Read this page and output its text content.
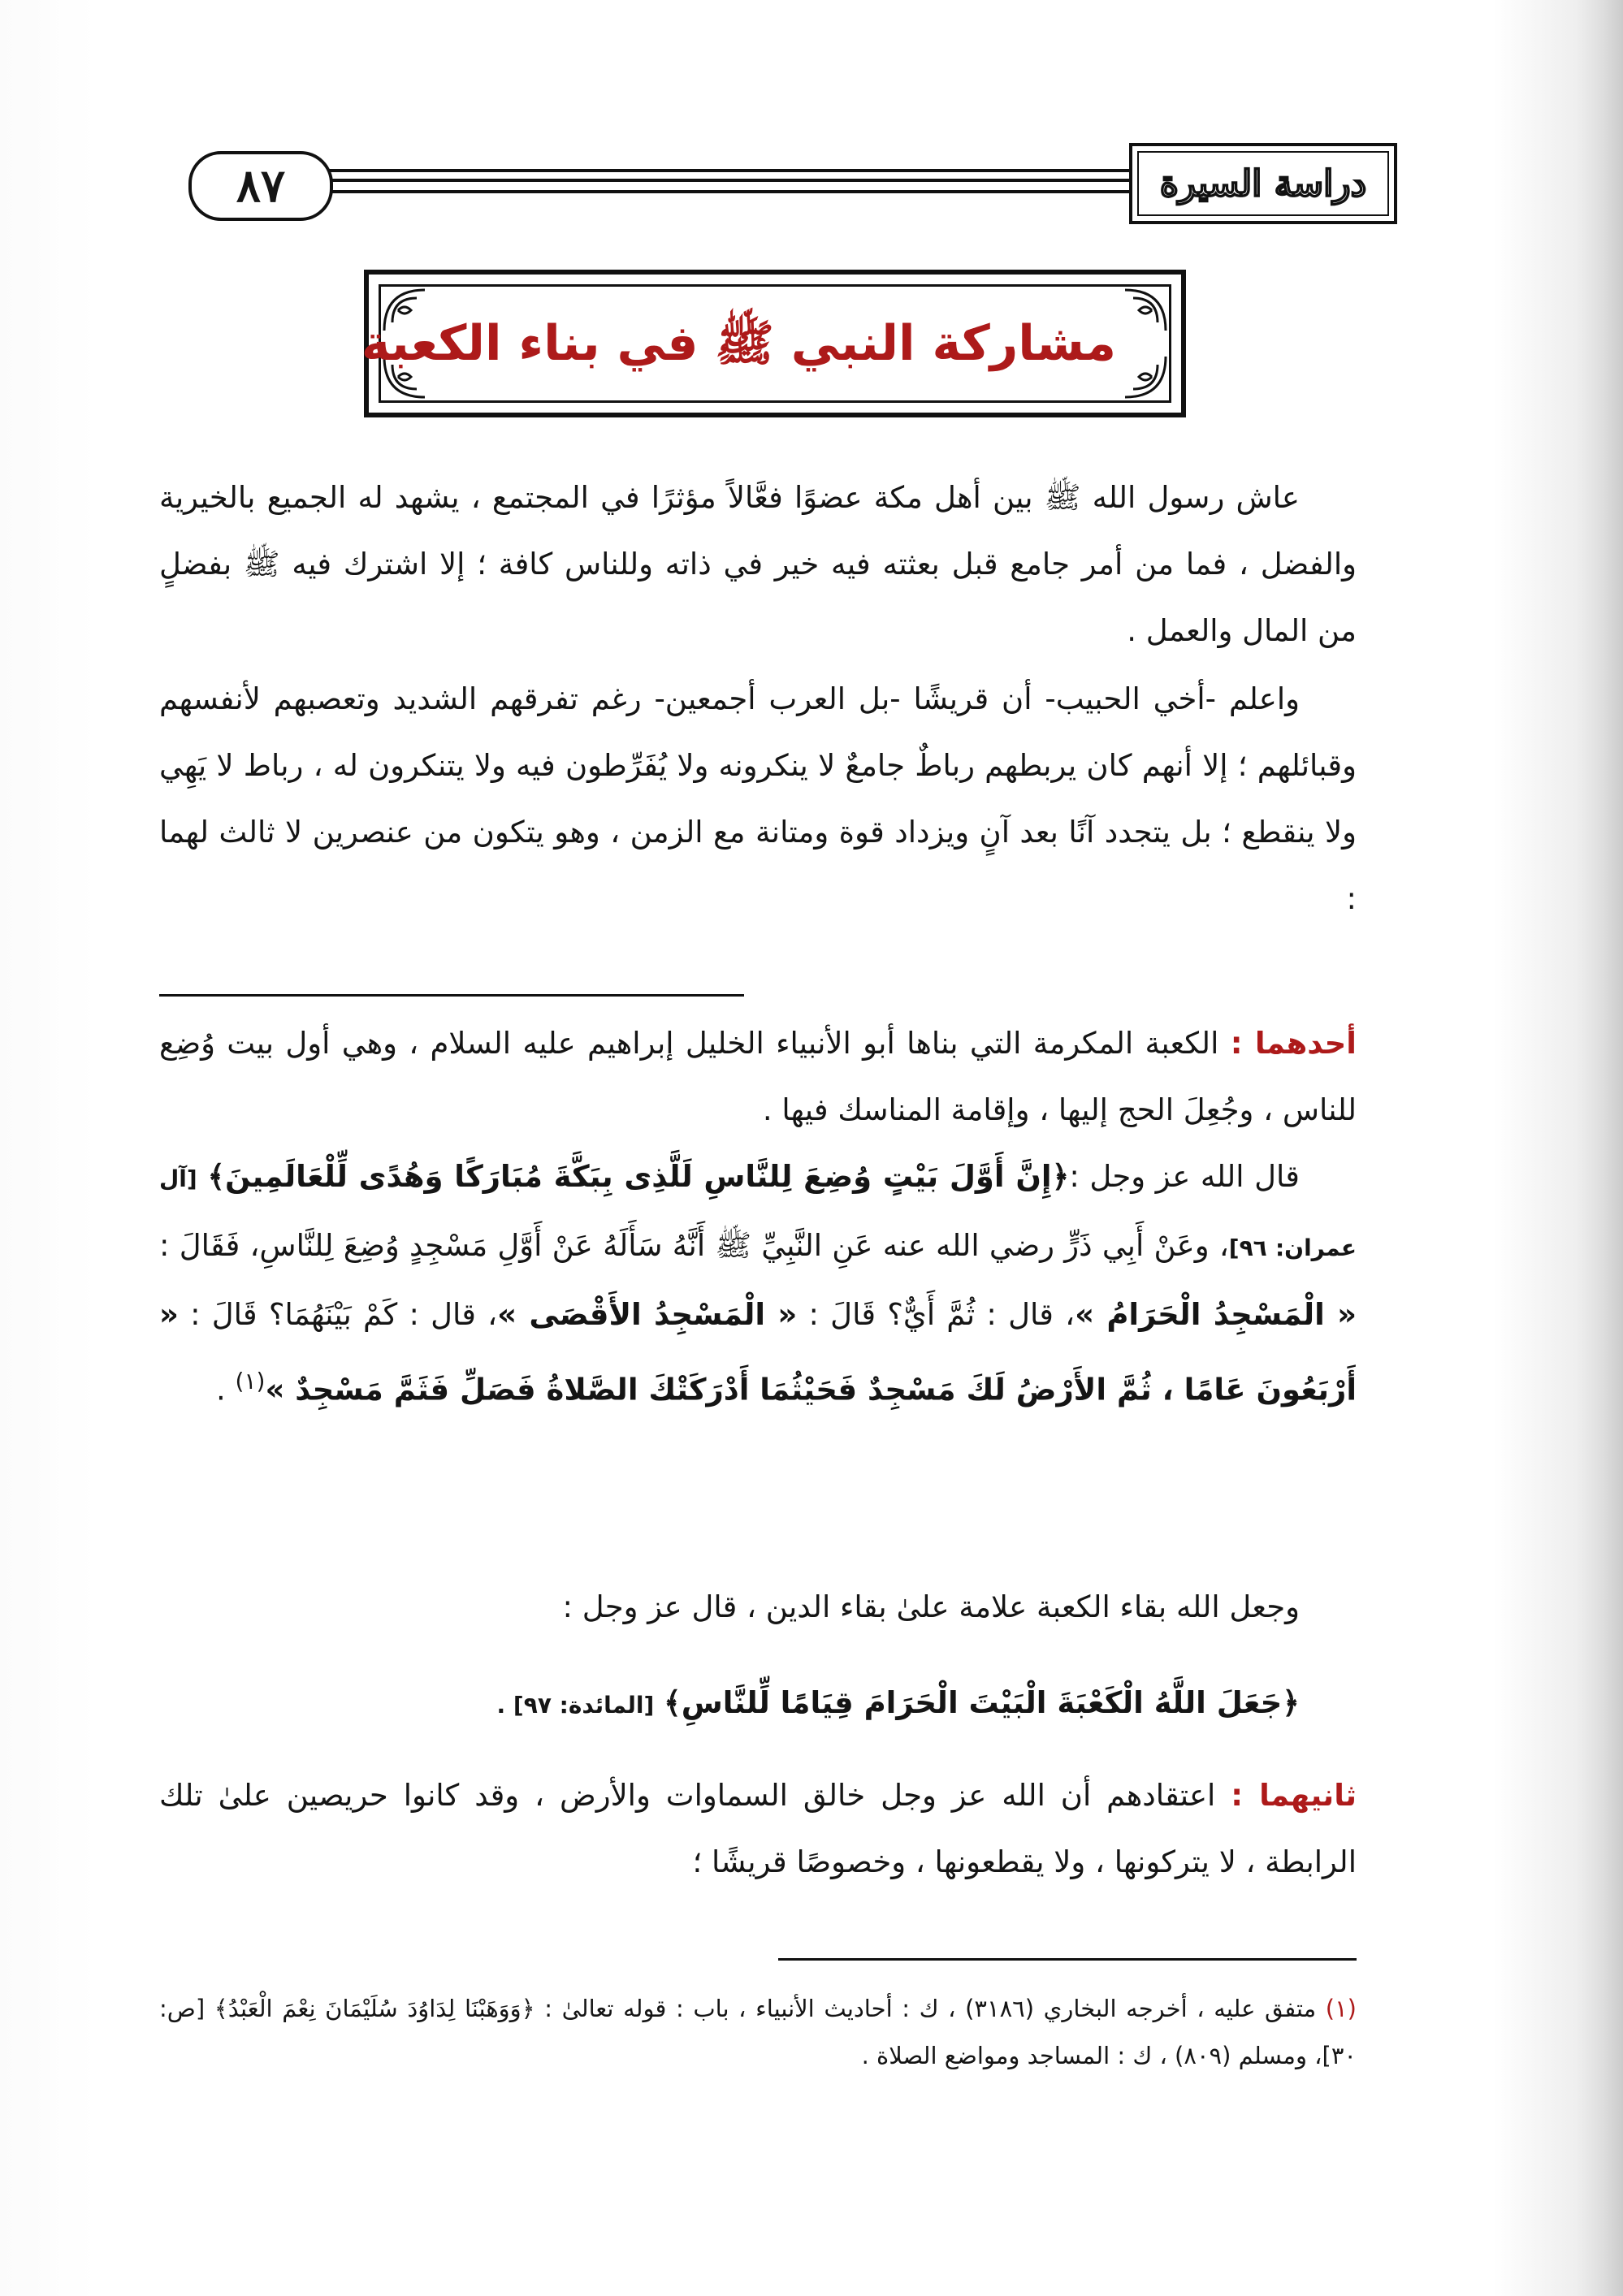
٨٧	دراسة السيرة
مشاركة النبي ﷺ في بناء الكعبة

عاش رسول الله ﷺ بين أهل مكة عضوًا فعَّالاً مؤثرًا في المجتمع ، يشهد له الجميع بالخيرية والفضل ، فما من أمر جامع قبل بعثته فيه خير في ذاته وللناس كافة ؛ إلا اشترك فيه ﷺ بفضلٍ من المال والعمل .

واعلم -أخي الحبيب- أن قريشًا -بل العرب أجمعين- رغم تفرقهم الشديد وتعصبهم لأنفسهم وقبائلهم ؛ إلا أنهم كان يربطهم رباطٌ جامعٌ لا ينكرونه ولا يُفَرِّطون فيه ولا يتنكرون له ، رباط لا يَهِي ولا ينقطع ؛ بل يتجدد آنًا بعد آنٍ ويزداد قوة ومتانة مع الزمن ، وهو يتكون من عنصرين لا ثالث لهما :

أحدهما : الكعبة المكرمة التي بناها أبو الأنبياء الخليل إبراهيم عليه السلام ، وهي أول بيت وُضِع للناس ، وجُعِلَ الحج إليها ، وإقامة المناسك فيها .

قال الله عز وجل :﴿إِنَّ أَوَّلَ بَيْتٍ وُضِعَ لِلنَّاسِ لَلَّذِى بِبَكَّةَ مُبَارَكًا وَهُدًى لِّلْعَالَمِينَ﴾ [آل عمران: ٩٦]، وعَنْ أَبِي ذَرٍّ رضي الله عنه عَنِ النَّبِيِّ ﷺ أَنَّهُ سَأَلَهُ عَنْ أَوَّلِ مَسْجِدٍ وُضِعَ لِلنَّاسِ، فَقَالَ : « الْمَسْجِدُ الْحَرَامُ »، قال : ثُمَّ أَيٌّ؟ قَالَ : « الْمَسْجِدُ الأَقْصَى »، قال : كَمْ بَيْنَهُمَا؟ قَالَ : « أَرْبَعُونَ عَامًا ، ثُمَّ الأَرْضُ لَكَ مَسْجِدٌ فَحَيْثُمَا أَدْرَكَتْكَ الصَّلاةُ فَصَلِّ فَثَمَّ مَسْجِدٌ »$^{(١)}$ .

وجعل الله بقاء الكعبة علامة علىٰ بقاء الدين ، قال عز وجل :

﴿جَعَلَ اللَّهُ الْكَعْبَةَ الْبَيْتَ الْحَرَامَ قِيَامًا لِّلنَّاسِ﴾ [المائدة: ٩٧] .

ثانيهما : اعتقادهم أن الله عز وجل خالق السماوات والأرض ، وقد كانوا حريصين علىٰ تلك الرابطة ، لا يتركونها ، ولا يقطعونها ، وخصوصًا قريشًا ؛

(١) متفق عليه ، أخرجه البخاري (٣١٨٦) ، ك : أحاديث الأنبياء ، باب : قوله تعالىٰ : ﴿وَوَهَبْنَا لِدَاوُدَ سُلَيْمَانَ نِعْمَ الْعَبْدُ﴾ [ص: ٣٠]، ومسلم (٨٠٩) ، ك : المساجد ومواضع الصلاة .
